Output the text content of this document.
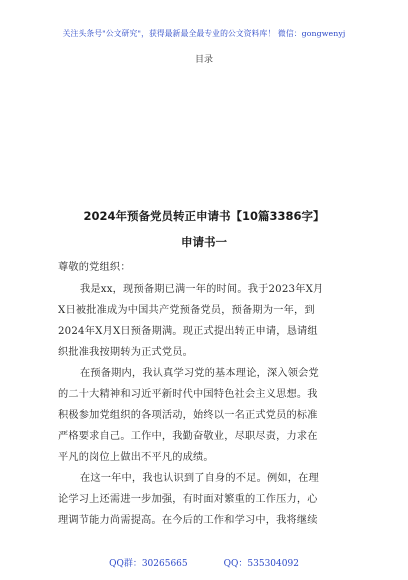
关注头条号"公文研究"，获得最新最全最专业的公文资料库！ 微信：gongwenyj
目录
2024年预备党员转正申请书【10篇3386字】
申请书一
尊敬的党组织：
我是xx，现预备期已满一年的时间。我于2023年X月
X日被批准成为中国共产党预备党员，预备期为一年，到
2024年X月X日预备期满。现正式提出转正申请，恳请组
织批准我按期转为正式党员。
在预备期内，我认真学习党的基本理论，深入领会党
的二十大精神和习近平新时代中国特色社会主义思想。我
积极参加党组织的各项活动，始终以一名正式党员的标准
严格要求自己。工作中，我勤奋敬业，尽职尽责，力求在
平凡的岗位上做出不平凡的成绩。
在这一年中，我也认识到了自身的不足。例如，在理
论学习上还需进一步加强，有时面对繁重的工作压力，心
理调节能力尚需提高。在今后的工作和学习中，我将继续
QQ群：30265665	QQ：535304092
